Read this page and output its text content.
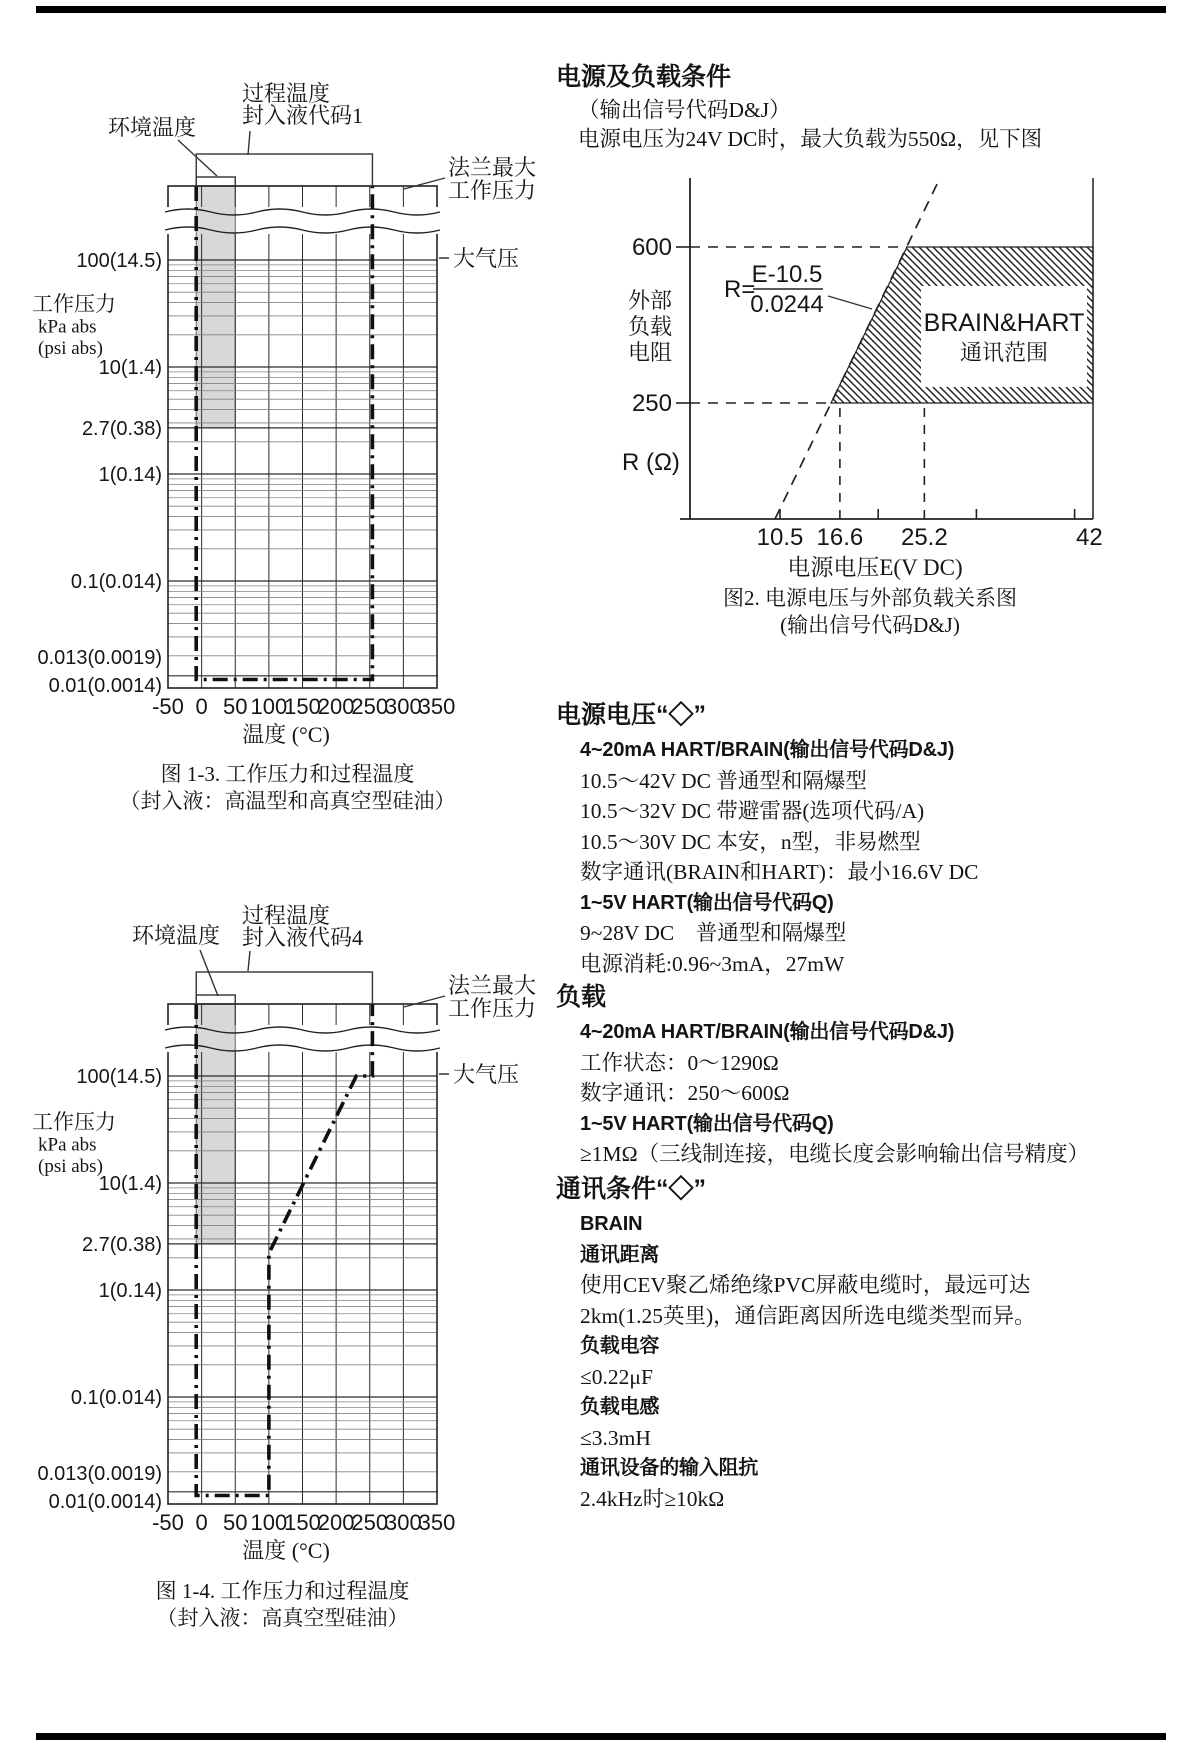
过程温度
封入液代码1
环境温度
法兰最大
工作压力
大气压
-50 0 50 100
150
200
250
300
350
100(14.5)
10(1.4)
2.7(0.38)
1(0.14)
0.1(0.014)
0.013(0.0019)
0.01(0.0014)
温度 (°C)
工作压力
kPa abs
(psi abs)
过程温度
封入液代码4
环境温度
法兰最大
工作压力
大气压
-50 0 50 100
150
200
250
300
350
100(14.5)
10(1.4)
2.7(0.38)
1(0.14)
0.1(0.014)
0.013(0.0019)
0.01(0.0014)
温度 (°C)
工作压力
kPa abs
(psi abs)
BRAIN&HART
通讯范围
600
250
外部
负载
电阻
R (Ω)
R=
E-10.5
0.0244
10.5 16.6 25.2	42
电源电压E(V DC)
图 1-3. 工作压力和过程温度
（封入液：高温型和高真空型硅油）
图 1-4. 工作压力和过程温度
（封入液：高真空型硅油）
图2. 电源电压与外部负载关系图
(输出信号代码D&J)
电源及负载条件
（输出信号代码D&J）
电源电压为24V DC时，最大负载为550Ω，见下图
电源电压“◇”
4~20mA HART/BRAIN(输出信号代码D&J)
10.5～42V DC 普通型和隔爆型
10.5～32V DC 带避雷器(选项代码/A)
10.5～30V DC 本安，n型，非易燃型
数字通讯(BRAIN和HART)：最小16.6V DC
1~5V HART(输出信号代码Q)
9~28V DC　普通型和隔爆型
电源消耗:0.96~3mA，27mW
负载
4~20mA HART/BRAIN(输出信号代码D&J)
工作状态：0～1290Ω
数字通讯：250～600Ω
1~5V HART(输出信号代码Q)
≥1MΩ（三线制连接，电缆长度会影响输出信号精度）
通讯条件“◇”
BRAIN
通讯距离
使用CEV聚乙烯绝缘PVC屏蔽电缆时，最远可达
2km(1.25英里)，通信距离因所选电缆类型而异。
负载电容
≤0.22μF
负载电感
≤3.3mH
通讯设备的输入阻抗
2.4kHz时≥10kΩ
